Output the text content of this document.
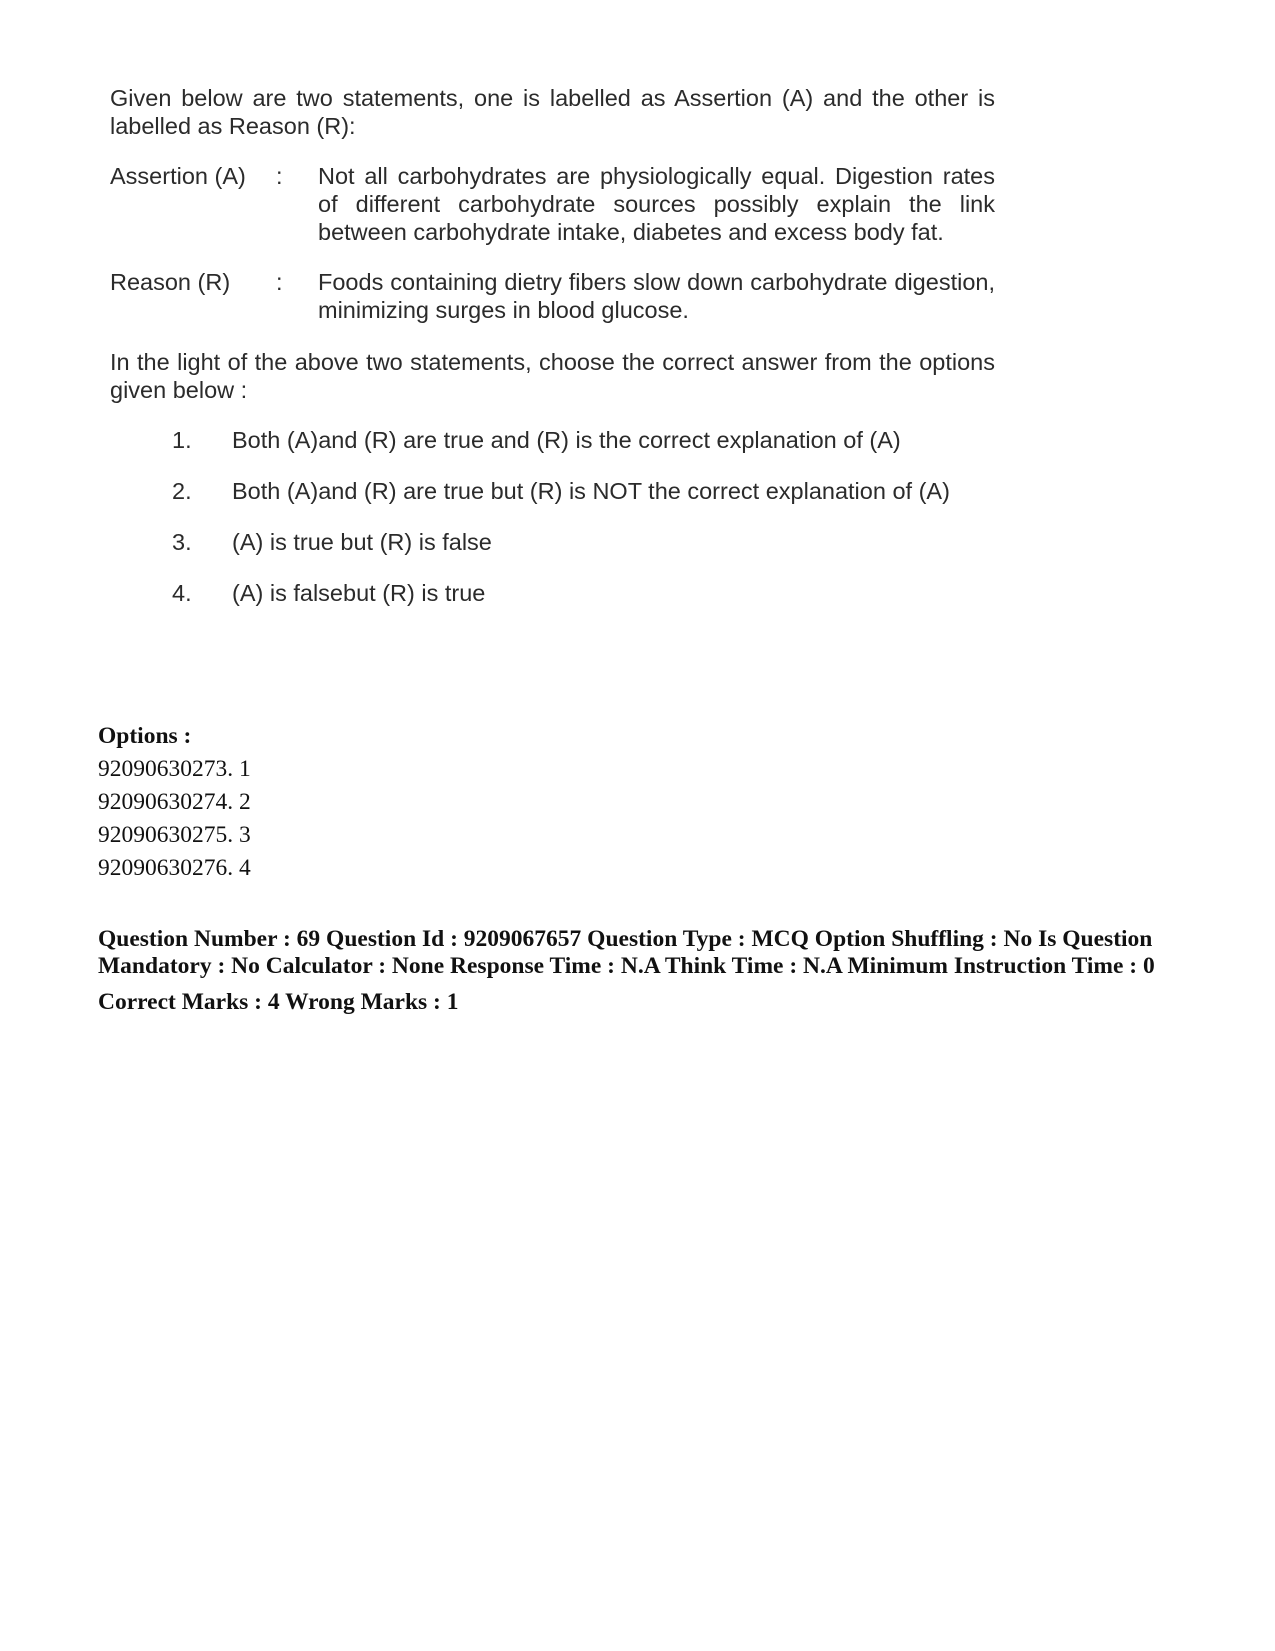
Given below are two statements, one is labelled as Assertion (A) and the other is labelled as Reason (R):

Assertion (A)	:	Not all carbohydrates are physiologically equal. Digestion rates of different carbohydrate sources possibly explain the link between carbohydrate intake, diabetes and excess body fat.
Reason (R)	:	Foods containing dietry fibers slow down carbohydrate digestion, minimizing surges in blood glucose.
In the light of the above two statements, choose the correct answer from the options given below :
1.	Both (A)and (R) are true and (R) is the correct explanation of (A)
2.	Both (A)and (R) are true but (R) is NOT the correct explanation of (A)
3.	(A) is true but (R) is false
4.	(A) is falsebut (R) is true

Options :

92090630273. 1

92090630274. 2

92090630275. 3

92090630276. 4

Question Number : 69 Question Id : 9209067657 Question Type : MCQ Option Shuffling : No Is Question Mandatory : No Calculator : None Response Time : N.A Think Time : N.A Minimum Instruction Time : 0
Correct Marks : 4 Wrong Marks : 1
